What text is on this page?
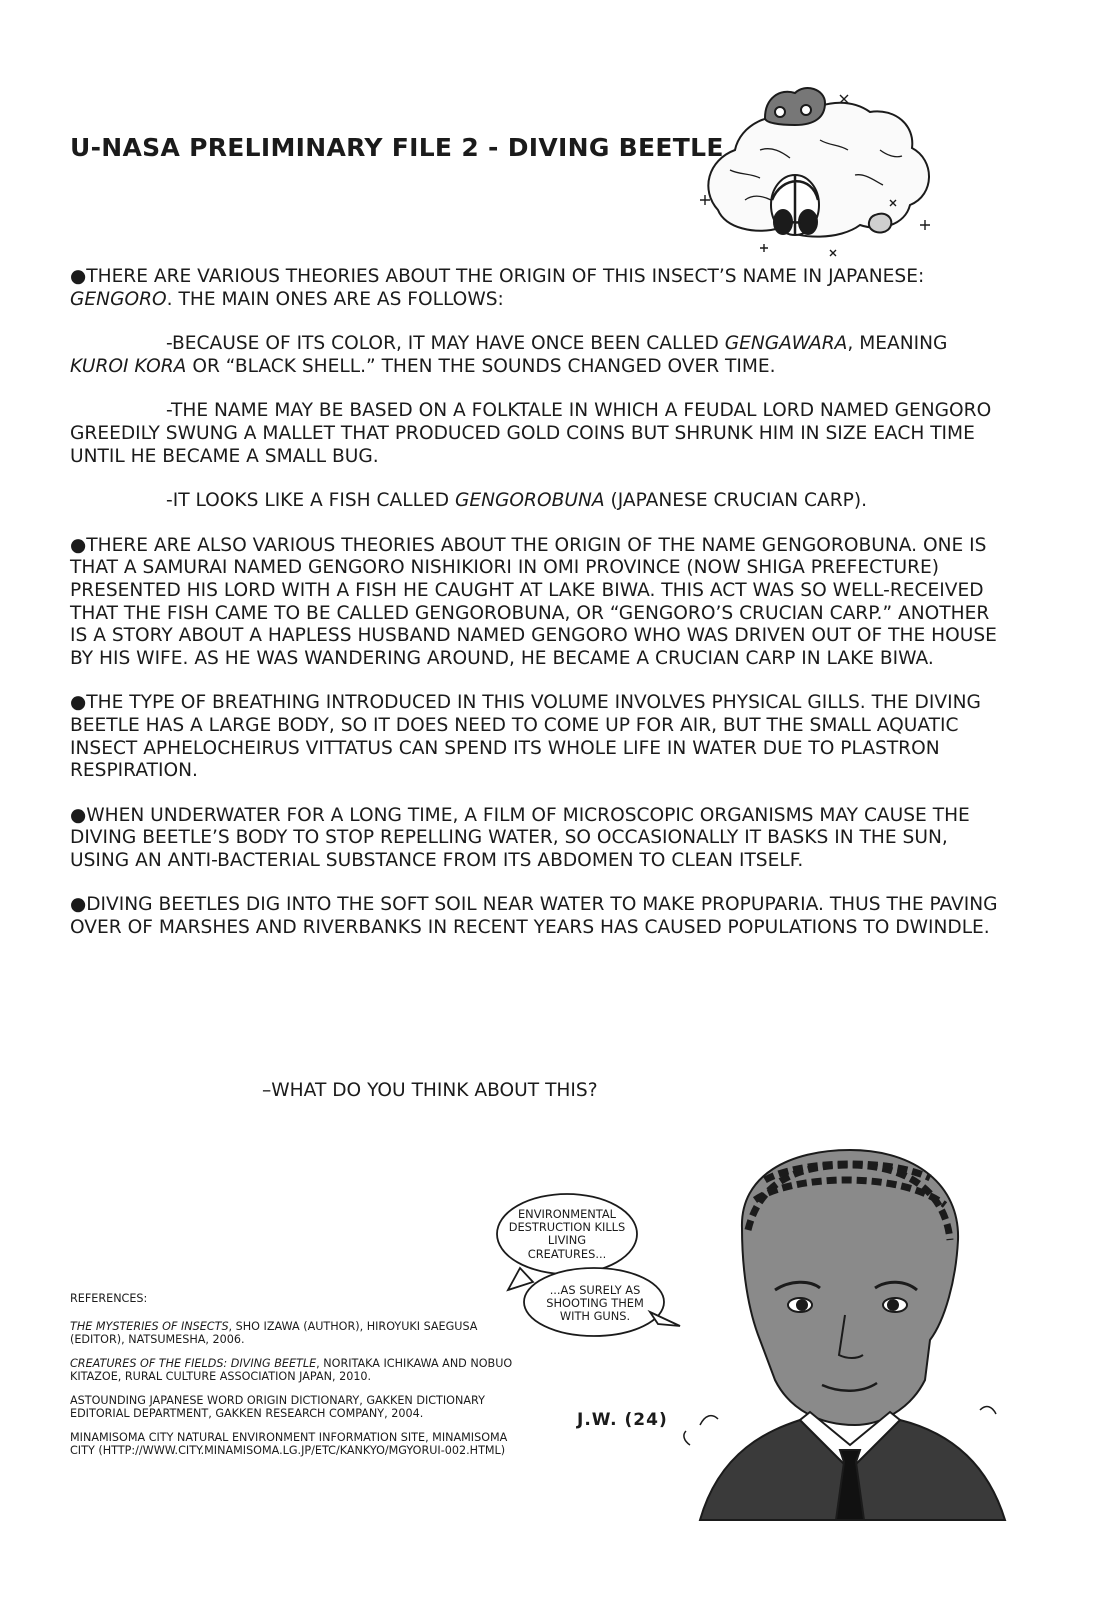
U-NASA PRELIMINARY FILE 2 - DIVING BEETLE

●THERE ARE VARIOUS THEORIES ABOUT THE ORIGIN OF THIS INSECT’S NAME IN JAPANESE: GENGORO. THE MAIN ONES ARE AS FOLLOWS:

-BECAUSE OF ITS COLOR, IT MAY HAVE ONCE BEEN CALLED GENGAWARA, MEANING KUROI KORA OR “BLACK SHELL.” THEN THE SOUNDS CHANGED OVER TIME.

-THE NAME MAY BE BASED ON A FOLKTALE IN WHICH A FEUDAL LORD NAMED GENGORO GREEDILY SWUNG A MALLET THAT PRODUCED GOLD COINS BUT SHRUNK HIM IN SIZE EACH TIME UNTIL HE BECAME A SMALL BUG.

-IT LOOKS LIKE A FISH CALLED GENGOROBUNA (JAPANESE CRUCIAN CARP).

●THERE ARE ALSO VARIOUS THEORIES ABOUT THE ORIGIN OF THE NAME GENGOROBUNA. ONE IS THAT A SAMURAI NAMED GENGORO NISHIKIORI IN OMI PROVINCE (NOW SHIGA PREFECTURE) PRESENTED HIS LORD WITH A FISH HE CAUGHT AT LAKE BIWA. THIS ACT WAS SO WELL-RECEIVED THAT THE FISH CAME TO BE CALLED GENGOROBUNA, OR “GENGORO’S CRUCIAN CARP.” ANOTHER IS A STORY ABOUT A HAPLESS HUSBAND NAMED GENGORO WHO WAS DRIVEN OUT OF THE HOUSE BY HIS WIFE. AS HE WAS WANDERING AROUND, HE BECAME A CRUCIAN CARP IN LAKE BIWA.

●THE TYPE OF BREATHING INTRODUCED IN THIS VOLUME INVOLVES PHYSICAL GILLS. THE DIVING BEETLE HAS A LARGE BODY, SO IT DOES NEED TO COME UP FOR AIR, BUT THE SMALL AQUATIC INSECT APHELOCHEIRUS VITTATUS CAN SPEND ITS WHOLE LIFE IN WATER DUE TO PLASTRON RESPIRATION.

●WHEN UNDERWATER FOR A LONG TIME, A FILM OF MICROSCOPIC ORGANISMS MAY CAUSE THE DIVING BEETLE’S BODY TO STOP REPELLING WATER, SO OCCASIONALLY IT BASKS IN THE SUN, USING AN ANTI-BACTERIAL SUBSTANCE FROM ITS ABDOMEN TO CLEAN ITSELF.

●DIVING BEETLES DIG INTO THE SOFT SOIL NEAR WATER TO MAKE PROPUPARIA. THUS THE PAVING OVER OF MARSHES AND RIVERBANKS IN RECENT YEARS HAS CAUSED POPULATIONS TO DWINDLE.

–WHAT DO YOU THINK ABOUT THIS?
REFERENCES:

THE MYSTERIES OF INSECTS, SHO IZAWA (AUTHOR), HIROYUKI SAEGUSA (EDITOR), NATSUMESHA, 2006.

CREATURES OF THE FIELDS: DIVING BEETLE, NORITAKA ICHIKAWA AND NOBUO KITAZOE, RURAL CULTURE ASSOCIATION JAPAN, 2010.

ASTOUNDING JAPANESE WORD ORIGIN DICTIONARY, GAKKEN DICTIONARY EDITORIAL DEPARTMENT, GAKKEN RESEARCH COMPANY, 2004.

MINAMISOMA CITY NATURAL ENVIRONMENT INFORMATION SITE, MINAMISOMA CITY (HTTP://WWW.CITY.MINAMISOMA.LG.JP/ETC/KANKYO/MGYORUI-002.HTML)

ENVIRONMENTAL DESTRUCTION KILLS LIVING CREATURES...
...AS SURELY AS SHOOTING THEM WITH GUNS.
J.W. (24)
